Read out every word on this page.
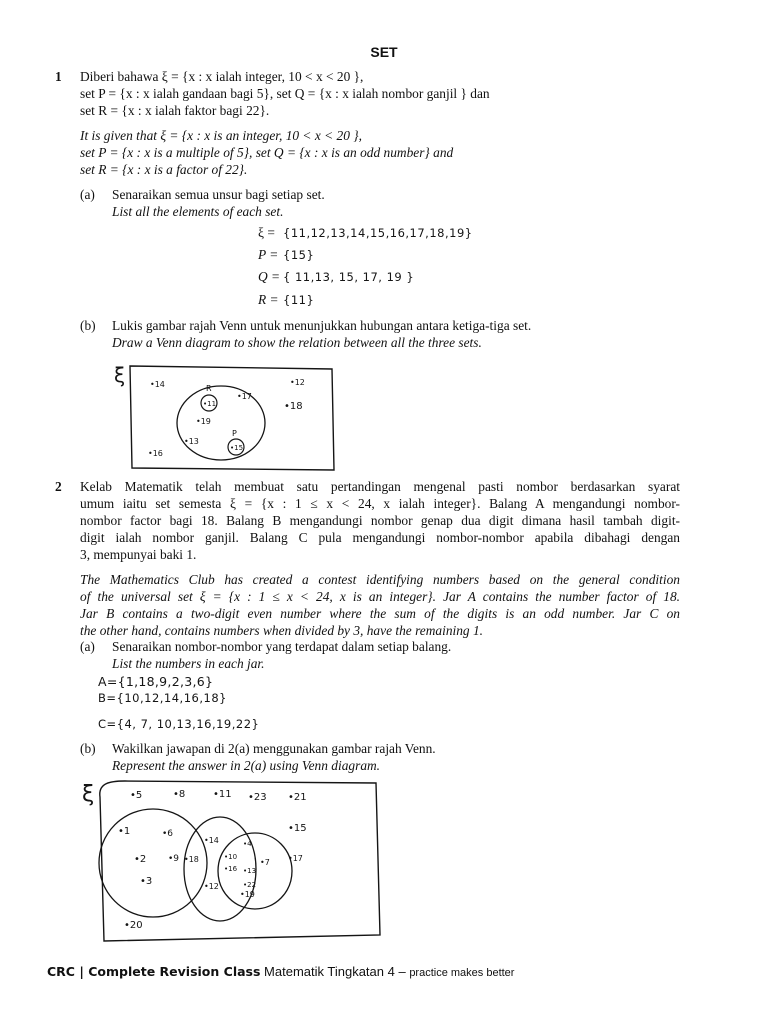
SET
1 Diberi bahawa ξ = {x : x ialah integer, 10 < x < 20 },
set P = {x : x ialah gandaan bagi 5}, set Q = {x : x ialah nombor ganjil } dan
set R = {x : x ialah faktor bagi 22}.
It is given that ξ = {x : x is an integer, 10 < x < 20 },
set P = {x : x is a multiple of 5}, set Q = {x : x is an odd number} and
set R = {x : x is a factor of 22}.
(a) Senaraikan semua unsur bagi setiap set.
List all the elements of each set.
ξ = {11,12,13,14,15,16,17,18,19}
P = {15}
Q = { 11,13, 15, 17, 19 }
R = {11}
(b) Lukis gambar rajah Venn untuk menunjukkan hubungan antara ketiga-tiga set.
Draw a Venn diagram to show the relation between all the three sets.
ξ
R
P
•11
•15
•17
•19
•13
•14	•12
•18
•16
2 Kelab Matematik telah membuat satu pertandingan mengenal pasti nombor berdasarkan syarat
umum iaitu set semesta ξ = {x : 1 ≤ x < 24, x ialah integer}. Balang A mengandungi nombor-
nombor factor bagi 18. Balang B mengandungi nombor genap dua digit dimana hasil tambah digit-
digit ialah nombor ganjil. Balang C pula mengandungi nombor-nombor apabila dibahagi dengan
3, mempunyai baki 1.
The Mathematics Club has created a contest identifying numbers based on the general condition
of the universal set ξ = {x : 1 ≤ x < 24, x is an integer}. Jar A contains the number factor of 18.
Jar B contains a two-digit even number where the sum of the digits is an odd number. Jar C on
the other hand, contains numbers when divided by 3, have the remaining 1.
(a) Senaraikan nombor-nombor yang terdapat dalam setiap balang.
List the numbers in each jar.
A={1,18,9,2,3,6}
B={10,12,14,16,18}
C={4, 7, 10,13,16,19,22}
(b) Wakilkan jawapan di 2(a) menggunakan gambar rajah Venn.
Represent the answer in 2(a) using Venn diagram.
ξ	•5	•8	•11 •23 •21
•15
•17
•20
•1	•6
•2
•3
•9 •18
•14
•12
•10
•16
•4
•7
•13
•22
•19
CRC | Complete Revision Class Matematik Tingkatan 4 – practice makes better
